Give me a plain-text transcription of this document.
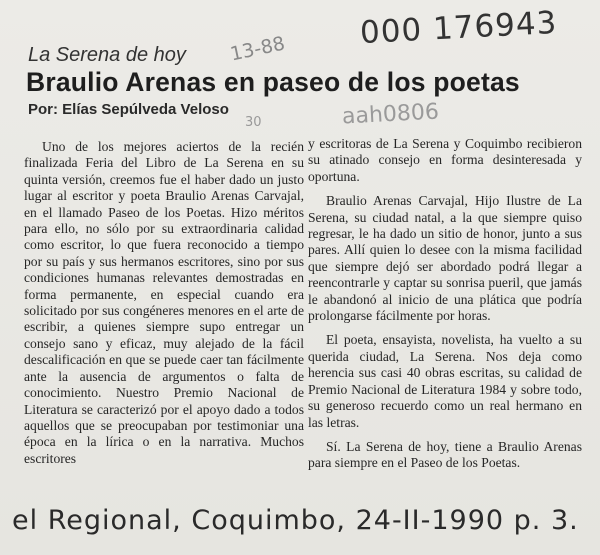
000 176943
13-88
30	aah0806
La Serena de hoy
Braulio Arenas en paseo de los poetas
Por: Elías Sepúlveda Veloso

Uno de los mejores aciertos de la recién finalizada Feria del Libro de La Serena en su quinta versión, creemos fue el haber dado un justo lugar al escritor y poeta Braulio Arenas Carvajal, en el llamado Paseo de los Poetas. Hizo méritos para ello, no sólo por su extraordinaria calidad como escritor, lo que fuera reconocido a tiempo por su país y sus hermanos escritores, sino por sus condiciones humanas relevantes demostradas en forma permanente, en especial cuando era solicitado por sus congéneres menores en el arte de escribir, a quienes siempre supo entregar un consejo sano y eficaz, muy alejado de la fácil descalificación en que se puede caer tan fácilmente ante la ausencia de argumentos o falta de conocimiento. Nuestro Premio Nacional de Literatura se caracterizó por el apoyo dado a todos aquellos que se preocupaban por testimoniar una época en la lírica o en la narrativa. Muchos escritores

y escritoras de La Serena y Coquimbo recibieron su atinado consejo en forma desinteresada y oportuna.

Braulio Arenas Carvajal, Hijo Ilustre de La Serena, su ciudad natal, a la que siempre quiso regresar, le ha dado un sitio de honor, junto a sus pares. Allí quien lo desee con la misma facilidad que siempre dejó ser abordado podrá llegar a reencontrarle y captar su sonrisa pueril, que jamás le abandonó al inicio de una plática que podría prolongarse fácilmente por horas.

El poeta, ensayista, novelista, ha vuelto a su querida ciudad, La Serena. Nos deja como herencia sus casi 40 obras escritas, su calidad de Premio Nacional de Literatura 1984 y sobre todo, su generoso recuerdo como un real hermano en las letras.

Sí. La Serena de hoy, tiene a Braulio Arenas para siempre en el Paseo de los Poetas.

el Regional, Coquimbo, 24-II-1990 p. 3.
